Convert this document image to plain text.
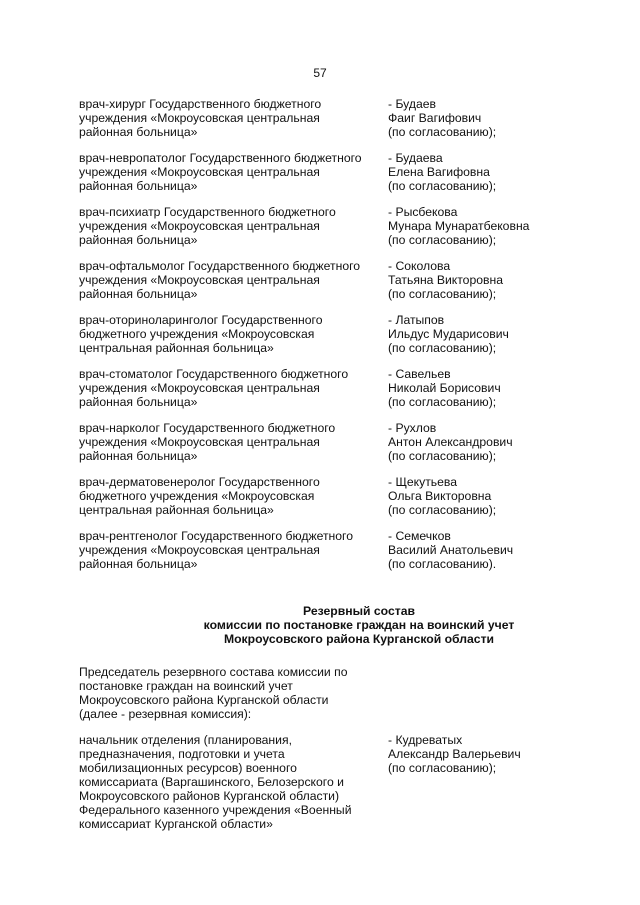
57
врач-хирург Государственного бюджетного
учреждения «Мокроусовская центральная
районная больница»
- Будаев
Фаиг Вагифович
(по согласованию);
врач-невропатолог Государственного бюджетного
учреждения «Мокроусовская центральная
районная больница»
- Будаева
Елена Вагифовна
(по согласованию);
врач-психиатр Государственного бюджетного
учреждения «Мокроусовская центральная
районная больница»
- Рысбекова
Мунара Мунаратбековна
(по согласованию);
врач-офтальмолог Государственного бюджетного
учреждения «Мокроусовская центральная
районная больница»
- Соколова
Татьяна Викторовна
(по согласованию);
врач-оториноларинголог Государственного
бюджетного учреждения «Мокроусовская
центральная районная больница»
- Латыпов
Ильдус Мударисович
(по согласованию);
врач-стоматолог Государственного бюджетного
учреждения «Мокроусовская центральная
районная больница»
- Савельев
Николай Борисович
(по согласованию);
врач-нарколог Государственного бюджетного
учреждения «Мокроусовская центральная
районная больница»
- Рухлов
Антон Александрович
(по согласованию);
врач-дерматовенеролог Государственного
бюджетного учреждения «Мокроусовская
центральная районная больница»
- Щекутьева
Ольга Викторовна
(по согласованию);
врач-рентгенолог Государственного бюджетного
учреждения «Мокроусовская центральная
районная больница»
- Семечков
Василий Анатольевич
(по согласованию).
Резервный состав
комиссии по постановке граждан на воинский учет
Мокроусовского района Курганской области
Председатель резервного состава комиссии по
постановке граждан на воинский учет
Мокроусовского района Курганской области
(далее - резервная комиссия):
начальник отделения (планирования,
предназначения, подготовки и учета
мобилизационных ресурсов) военного
комиссариата (Варгашинского, Белозерского и
Мокроусовского районов Курганской области)
Федерального казенного учреждения «Военный
комиссариат Курганской области»
- Кудреватых
Александр Валерьевич
(по согласованию);
